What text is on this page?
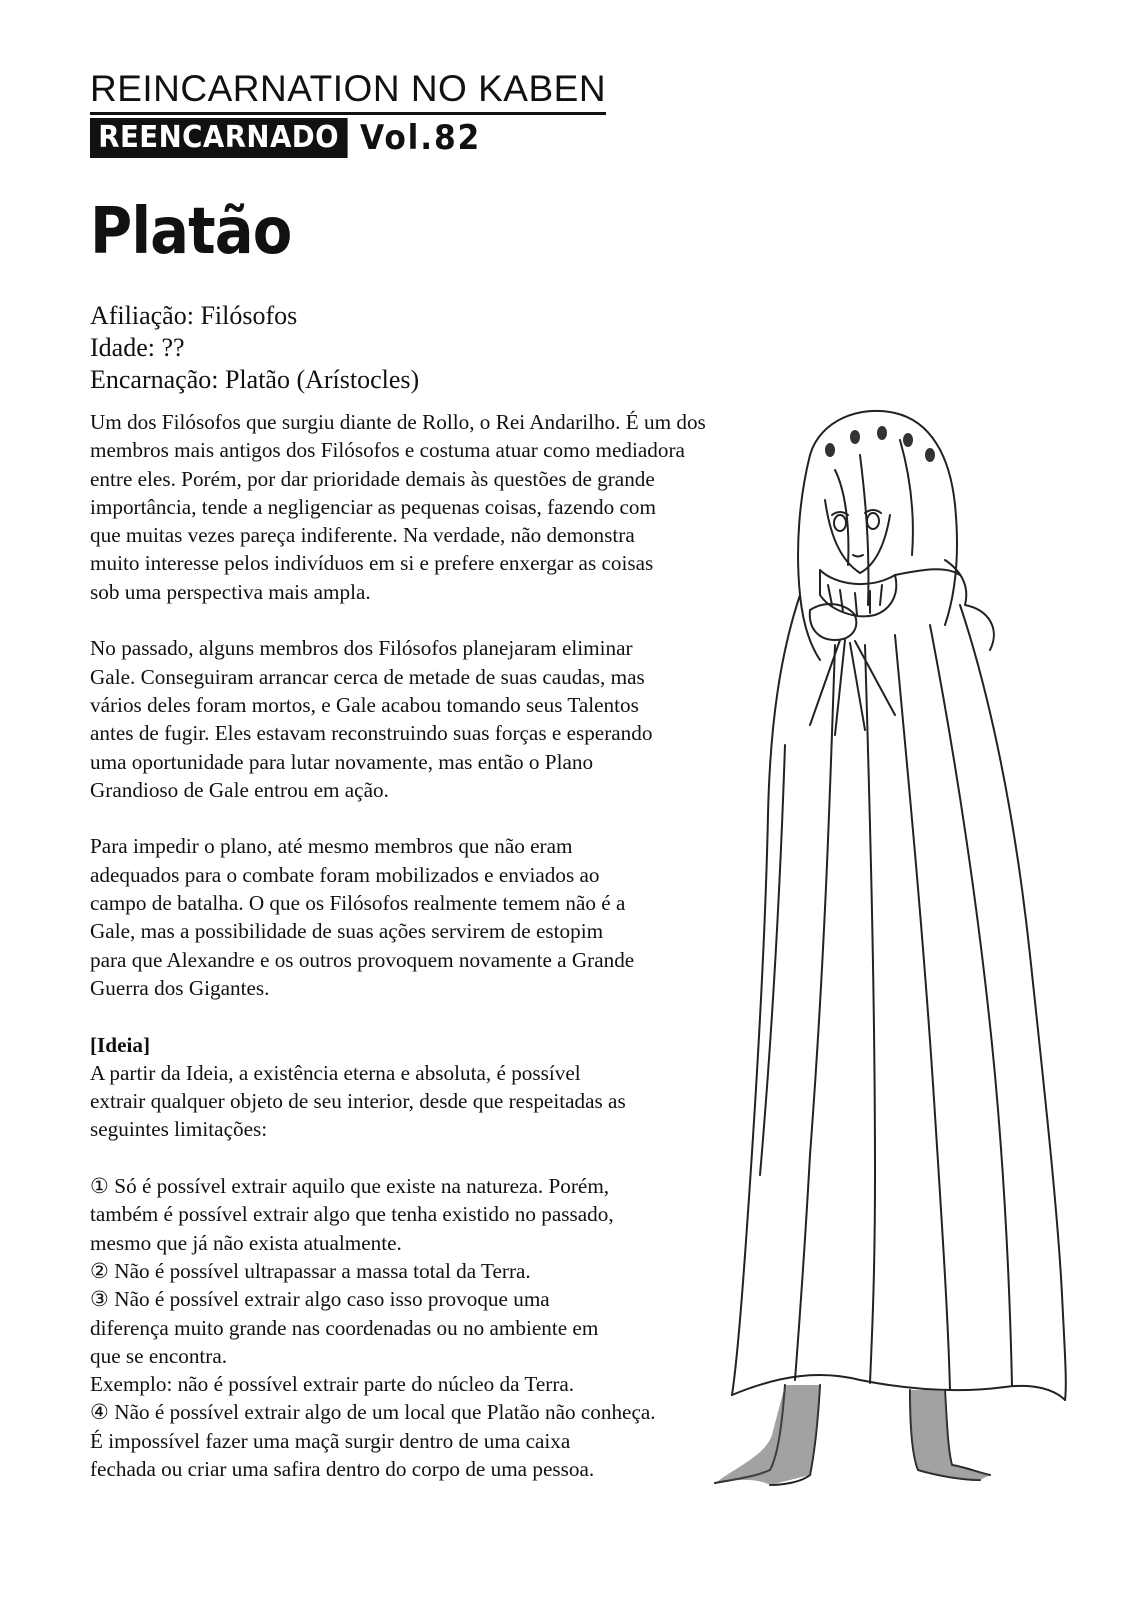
REINCARNATION NO KABEN
REENCARNADO Vol.82
Platão
Afiliação: Filósofos
Idade: ??
Encarnação: Platão (Arístocles)
Um dos Filósofos que surgiu diante de Rollo, o Rei Andarilho. É um dos
membros mais antigos dos Filósofos e costuma atuar como mediadora
entre eles. Porém, por dar prioridade demais às questões de grande
importância, tende a negligenciar as pequenas coisas, fazendo com
que muitas vezes pareça indiferente. Na verdade, não demonstra
muito interesse pelos indivíduos em si e prefere enxergar as coisas
sob uma perspectiva mais ampla.
No passado, alguns membros dos Filósofos planejaram eliminar
Gale. Conseguiram arrancar cerca de metade de suas caudas, mas
vários deles foram mortos, e Gale acabou tomando seus Talentos
antes de fugir. Eles estavam reconstruindo suas forças e esperando
uma oportunidade para lutar novamente, mas então o Plano
Grandioso de Gale entrou em ação.
Para impedir o plano, até mesmo membros que não eram
adequados para o combate foram mobilizados e enviados ao
campo de batalha. O que os Filósofos realmente temem não é a
Gale, mas a possibilidade de suas ações servirem de estopim
para que Alexandre e os outros provoquem novamente a Grande
Guerra dos Gigantes.
[Ideia]
A partir da Ideia, a existência eterna e absoluta, é possível
extrair qualquer objeto de seu interior, desde que respeitadas as
seguintes limitações:
① Só é possível extrair aquilo que existe na natureza. Porém,
também é possível extrair algo que tenha existido no passado,
mesmo que já não exista atualmente.
② Não é possível ultrapassar a massa total da Terra.
③ Não é possível extrair algo caso isso provoque uma
diferença muito grande nas coordenadas ou no ambiente em
que se encontra.
Exemplo: não é possível extrair parte do núcleo da Terra.
④ Não é possível extrair algo de um local que Platão não conheça.
É impossível fazer uma maçã surgir dentro de uma caixa
fechada ou criar uma safira dentro do corpo de uma pessoa.
